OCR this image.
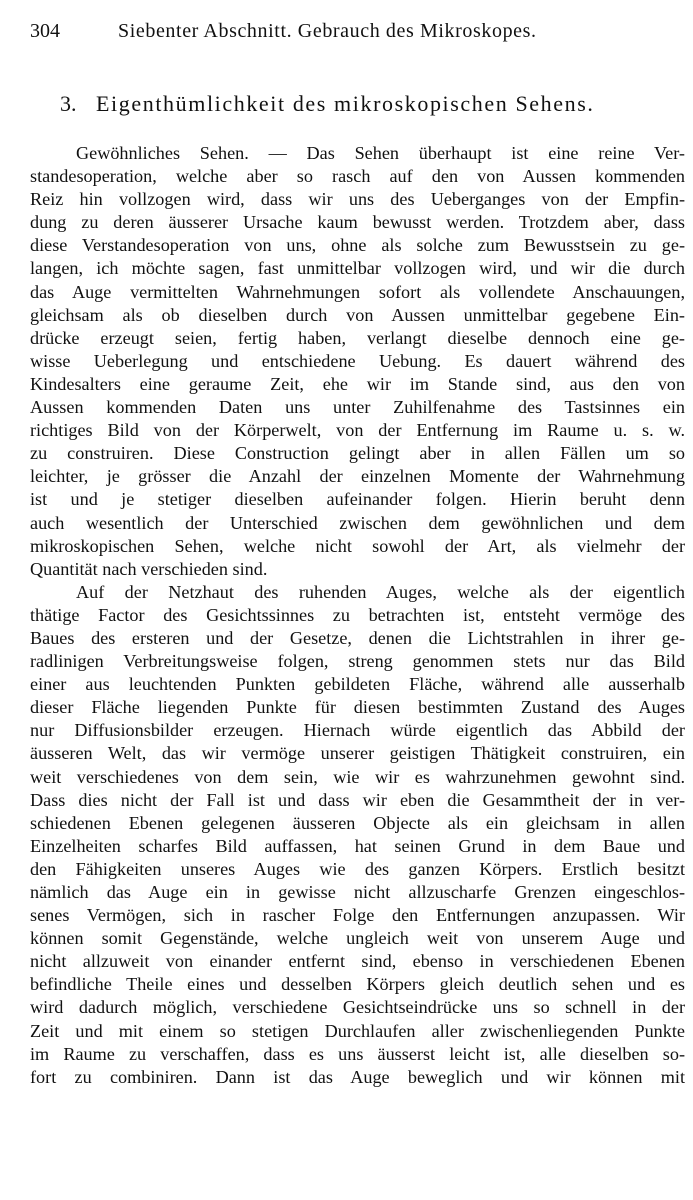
304	Siebenter Abschnitt. Gebrauch des Mikroskopes.
3. Eigenthümlichkeit des mikroskopischen Sehens.
Gewöhnliches Sehen. — Das Sehen überhaupt ist eine reine Ver-
standesoperation, welche aber so rasch auf den von Aussen kommenden
Reiz hin vollzogen wird, dass wir uns des Ueberganges von der Empfin-
dung zu deren äusserer Ursache kaum bewusst werden. Trotzdem aber, dass
diese Verstandesoperation von uns, ohne als solche zum Bewusstsein zu ge-
langen, ich möchte sagen, fast unmittelbar vollzogen wird, und wir die durch
das Auge vermittelten Wahrnehmungen sofort als vollendete Anschauungen,
gleichsam als ob dieselben durch von Aussen unmittelbar gegebene Ein-
drücke erzeugt seien, fertig haben, verlangt dieselbe dennoch eine ge-
wisse Ueberlegung und entschiedene Uebung. Es dauert während des
Kindesalters eine geraume Zeit, ehe wir im Stande sind, aus den von
Aussen kommenden Daten uns unter Zuhilfenahme des Tastsinnes ein
richtiges Bild von der Körperwelt, von der Entfernung im Raume u. s. w.
zu construiren. Diese Construction gelingt aber in allen Fällen um so
leichter, je grösser die Anzahl der einzelnen Momente der Wahrnehmung
ist und je stetiger dieselben aufeinander folgen. Hierin beruht denn
auch wesentlich der Unterschied zwischen dem gewöhnlichen und dem
mikroskopischen Sehen, welche nicht sowohl der Art, als vielmehr der
Quantität nach verschieden sind.
Auf der Netzhaut des ruhenden Auges, welche als der eigentlich
thätige Factor des Gesichtssinnes zu betrachten ist, entsteht vermöge des
Baues des ersteren und der Gesetze, denen die Lichtstrahlen in ihrer ge-
radlinigen Verbreitungsweise folgen, streng genommen stets nur das Bild
einer aus leuchtenden Punkten gebildeten Fläche, während alle ausserhalb
dieser Fläche liegenden Punkte für diesen bestimmten Zustand des Auges
nur Diffusionsbilder erzeugen. Hiernach würde eigentlich das Abbild der
äusseren Welt, das wir vermöge unserer geistigen Thätigkeit construiren, ein
weit verschiedenes von dem sein, wie wir es wahrzunehmen gewohnt sind.
Dass dies nicht der Fall ist und dass wir eben die Gesammtheit der in ver-
schiedenen Ebenen gelegenen äusseren Objecte als ein gleichsam in allen
Einzelheiten scharfes Bild auffassen, hat seinen Grund in dem Baue und
den Fähigkeiten unseres Auges wie des ganzen Körpers. Erstlich besitzt
nämlich das Auge ein in gewisse nicht allzuscharfe Grenzen eingeschlos-
senes Vermögen, sich in rascher Folge den Entfernungen anzupassen. Wir
können somit Gegenstände, welche ungleich weit von unserem Auge und
nicht allzuweit von einander entfernt sind, ebenso in verschiedenen Ebenen
befindliche Theile eines und desselben Körpers gleich deutlich sehen und es
wird dadurch möglich, verschiedene Gesichtseindrücke uns so schnell in der
Zeit und mit einem so stetigen Durchlaufen aller zwischenliegenden Punkte
im Raume zu verschaffen, dass es uns äusserst leicht ist, alle dieselben so-
fort zu combiniren. Dann ist das Auge beweglich und wir können mit
